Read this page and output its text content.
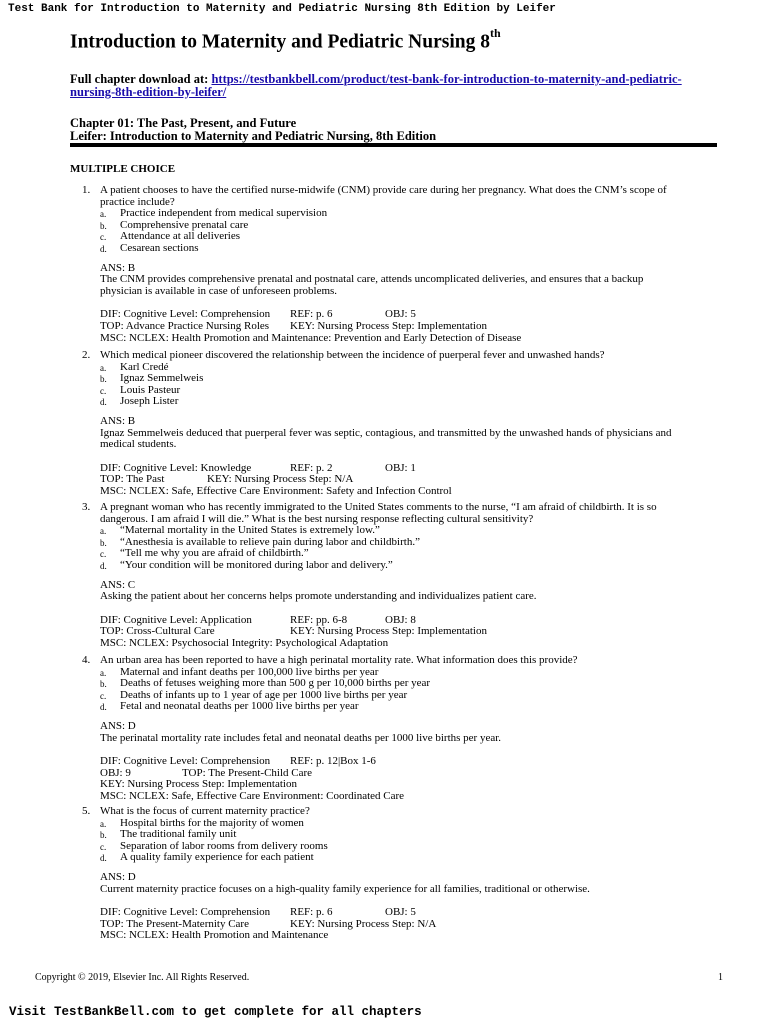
Test Bank for Introduction to Maternity and Pediatric Nursing 8th Edition by Leifer
Introduction to Maternity and Pediatric Nursing 8th
Full chapter download at: https://testbankbell.com/product/test-bank-for-introduction-to-maternity-and-pediatric-
nursing-8th-edition-by-leifer/
Chapter 01: The Past, Present, and Future
Leifer: Introduction to Maternity and Pediatric Nursing, 8th Edition
MULTIPLE CHOICE
1. A patient chooses to have the certified nurse-midwife (CNM) provide care during her pregnancy. What does the CNM’s scope of
practice include?
a. Practice independent from medical supervision
b. Comprehensive prenatal care
c. Attendance at all deliveries
d. Cesarean sections
ANS: B
The CNM provides comprehensive prenatal and postnatal care, attends uncomplicated deliveries, and ensures that a backup
physician is available in case of unforeseen problems.
DIF: Cognitive Level: Comprehension REF: p. 6	OBJ: 5
TOP: Advance Practice Nursing Roles KEY: Nursing Process Step: Implementation
MSC: NCLEX: Health Promotion and Maintenance: Prevention and Early Detection of Disease
2. Which medical pioneer discovered the relationship between the incidence of puerperal fever and unwashed hands?
a. Karl Credé
b. Ignaz Semmelweis
c. Louis Pasteur
d. Joseph Lister
ANS: B
Ignaz Semmelweis deduced that puerperal fever was septic, contagious, and transmitted by the unwashed hands of physicians and
medical students.
DIF: Cognitive Level: Knowledge	REF: p. 2	OBJ: 1
TOP: The Past	KEY: Nursing Process Step: N/A
MSC: NCLEX: Safe, Effective Care Environment: Safety and Infection Control
3. A pregnant woman who has recently immigrated to the United States comments to the nurse, “I am afraid of childbirth. It is so
dangerous. I am afraid I will die.” What is the best nursing response reflecting cultural sensitivity?
a. “Maternal mortality in the United States is extremely low.”
b. “Anesthesia is available to relieve pain during labor and childbirth.”
c. “Tell me why you are afraid of childbirth.”
d. “Your condition will be monitored during labor and delivery.”
ANS: C
Asking the patient about her concerns helps promote understanding and individualizes patient care.
DIF: Cognitive Level: Application	REF: pp. 6-8	OBJ: 8
TOP: Cross-Cultural Care	KEY: Nursing Process Step: Implementation
MSC: NCLEX: Psychosocial Integrity: Psychological Adaptation
4. An urban area has been reported to have a high perinatal mortality rate. What information does this provide?
a. Maternal and infant deaths per 100,000 live births per year
b. Deaths of fetuses weighing more than 500 g per 10,000 births per year
c. Deaths of infants up to 1 year of age per 1000 live births per year
d. Fetal and neonatal deaths per 1000 live births per year
ANS: D
The perinatal mortality rate includes fetal and neonatal deaths per 1000 live births per year.
DIF: Cognitive Level: Comprehension REF: p. 12|Box 1-6
OBJ: 9	TOP: The Present-Child Care
KEY: Nursing Process Step: Implementation
MSC: NCLEX: Safe, Effective Care Environment: Coordinated Care
5. What is the focus of current maternity practice?
a. Hospital births for the majority of women
b. The traditional family unit
c. Separation of labor rooms from delivery rooms
d. A quality family experience for each patient
ANS: D
Current maternity practice focuses on a high-quality family experience for all families, traditional or otherwise.
DIF: Cognitive Level: Comprehension REF: p. 6	OBJ: 5
TOP: The Present-Maternity Care	KEY: Nursing Process Step: N/A
MSC: NCLEX: Health Promotion and Maintenance
Copyright © 2019, Elsevier Inc. All Rights Reserved.	1
Visit TestBankBell.com to get complete for all chapters
